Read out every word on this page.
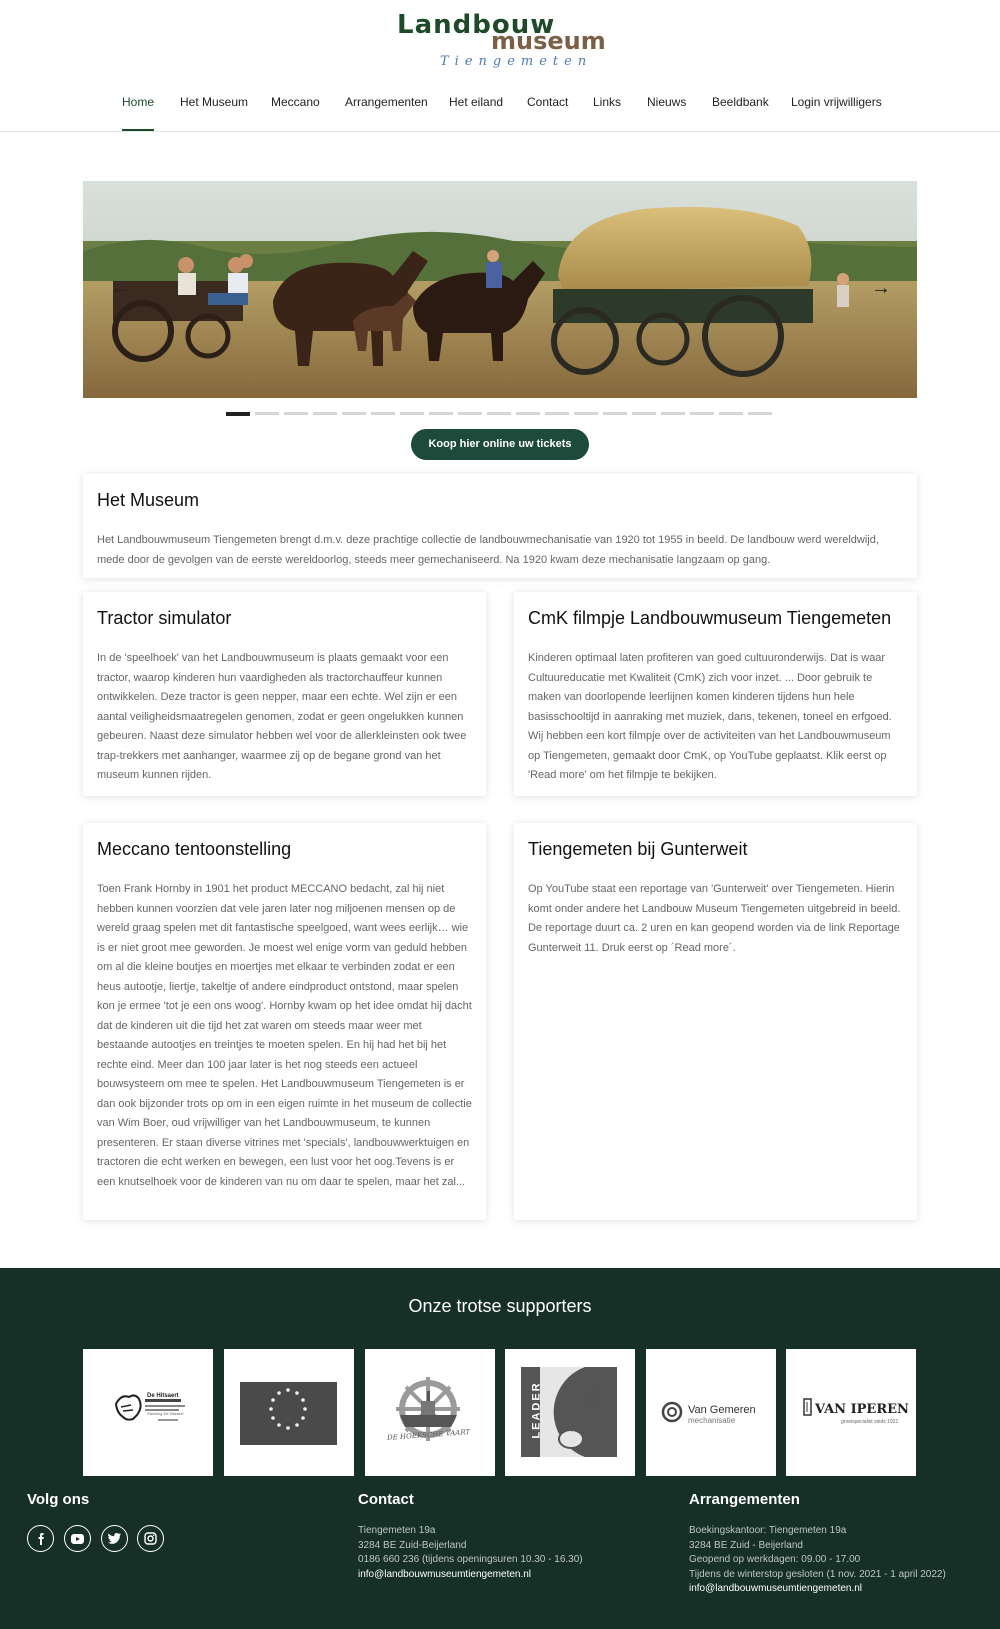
Landbouw
museum
Tiengemeten
Home Het Museum Meccano Arrangementen Het eiland Contact Links Nieuws Beeldbank Login vrijwilligers
←	→
Koop hier online uw tickets
Het Museum

Het Landbouwmuseum Tiengemeten brengt d.m.v. deze prachtige collectie de landbouwmechanisatie van 1920 tot 1955 in beeld. De landbouw werd wereldwijd, mede door de gevolgen van de eerste wereldoorlog, steeds meer gemechaniseerd. Na 1920 kwam deze mechanisatie langzaam op gang.

Tractor simulator

In de 'speelhoek' van het Landbouwmuseum is plaats gemaakt voor een tractor, waarop kinderen hun vaardigheden als tractorchauffeur kunnen ontwikkelen. Deze tractor is geen nepper, maar een echte. Wel zijn er een aantal veiligheidsmaatregelen genomen, zodat er geen ongelukken kunnen gebeuren. Naast deze simulator hebben wel voor de allerkleinsten ook twee trap-trekkers met aanhanger, waarmee zij op de begane grond van het museum kunnen rijden.

CmK filmpje Landbouwmuseum Tiengemeten

Kinderen optimaal laten profiteren van goed cultuuronderwijs. Dat is waar Cultuureducatie met Kwaliteit (CmK) zich voor inzet. ... Door gebruik te maken van doorlopende leerlijnen komen kinderen tijdens hun hele basisschooltijd in aanraking met muziek, dans, tekenen, toneel en erfgoed. Wij hebben een kort filmpje over de activiteiten van het Landbouwmuseum op Tiengemeten, gemaakt door CmK, op YouTube geplaatst. Klik eerst op 'Read more' om het filmpje te bekijken.

Meccano tentoonstelling

Toen Frank Hornby in 1901 het product MECCANO bedacht, zal hij niet hebben kunnen voorzien dat vele jaren later nog miljoenen mensen op de wereld graag spelen met dit fantastische speelgoed, want wees eerlijk… wie is er niet groot mee geworden. Je moest wel enige vorm van geduld hebben om al die kleine boutjes en moertjes met elkaar te verbinden zodat er een heus autootje, liertje, takeltje of andere eindproduct ontstond, maar spelen kon je ermee 'tot je een ons woog'. Hornby kwam op het idee omdat hij dacht dat de kinderen uit die tijd het zat waren om steeds maar weer met bestaande autootjes en treintjes te moeten spelen. En hij had het bij het rechte eind. Meer dan 100 jaar later is het nog steeds een actueel bouwsysteem om mee te spelen. Het Landbouwmuseum Tiengemeten is er dan ook bijzonder trots op om in een eigen ruimte in het museum de collectie van Wim Boer, oud vrijwilliger van het Landbouwmuseum, te kunnen presenteren. Er staan diverse vitrines met 'specials', landbouwwerktuigen en tractoren die echt werken en bewegen, een lust voor het oog.Tevens is er een knutselhoek voor de kinderen van nu om daar te spelen, maar het zal...

Tiengemeten bij Gunterweit

Op YouTube staat een reportage van 'Gunterweit' over Tiengemeten. Hierin komt onder andere het Landbouw Museum Tiengemeten uitgebreid in beeld. De reportage duurt ca. 2 uren en kan geopend worden via de link Reportage Gunterweit 11. Druk eerst op ´Read more´.

Onze trotse supporters
De Hitsaert
Stichting De Hitsaert
DE HOEKSCHE VAART	LEADER	Van Gemeren
mechanisatie
VAN IPEREN
groeispecialist sinds 1921
Volg ons	Contact
Tiengemeten 19a
3284 BE Zuid-Beijerland
0186 660 236 (tijdens openingsuren 10.30 - 16.30)
info@landbouwmuseumtiengemeten.nl
Arrangementen
Boekingskantoor: Tiengemeten 19a
3284 BE Zuid - Beijerland
Geopend op werkdagen: 09.00 - 17.00
Tijdens de winterstop gesloten (1 nov. 2021 - 1 april 2022)
info@landbouwmuseumtiengemeten.nl
